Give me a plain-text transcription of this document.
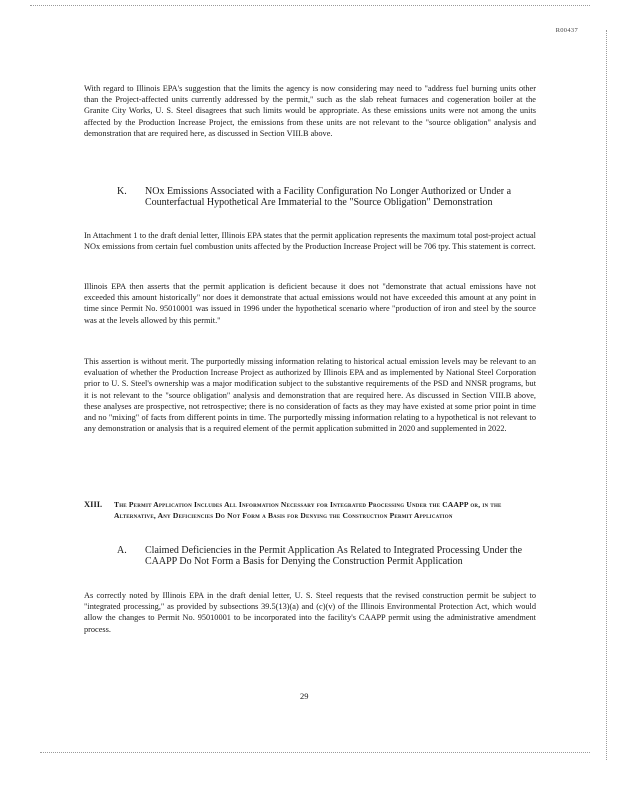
R00437

With regard to Illinois EPA's suggestion that the limits the agency is now considering may need to "address fuel burning units other than the Project-affected units currently addressed by the permit," such as the slab reheat furnaces and cogeneration boiler at the Granite City Works, U. S. Steel disagrees that such limits would be appropriate. As these emissions units were not among the units affected by the Production Increase Project, the emissions from these units are not relevant to the "source obligation" analysis and demonstration that are required here, as discussed in Section VIII.B above.

K.	NOx Emissions Associated with a Facility Configuration No Longer Authorized or Under a Counterfactual Hypothetical Are Immaterial to the "Source Obligation" Demonstration

In Attachment 1 to the draft denial letter, Illinois EPA states that the permit application represents the maximum total post-project actual NOx emissions from certain fuel combustion units affected by the Production Increase Project will be 706 tpy. This statement is correct.

Illinois EPA then asserts that the permit application is deficient because it does not "demonstrate that actual emissions have not exceeded this amount historically" nor does it demonstrate that actual emissions would not have exceeded this amount at any point in time since Permit No. 95010001 was issued in 1996 under the hypothetical scenario where "production of iron and steel by the source was at the levels allowed by this permit."

This assertion is without merit. The purportedly missing information relating to historical actual emission levels may be relevant to an evaluation of whether the Production Increase Project as authorized by Illinois EPA and as implemented by National Steel Corporation prior to U. S. Steel's ownership was a major modification subject to the substantive requirements of the PSD and NNSR programs, but it is not relevant to the "source obligation" analysis and demonstration that are required here. As discussed in Section VIII.B above, these analyses are prospective, not retrospective; there is no consideration of facts as they may have existed at some prior point in time and no "mixing" of facts from different points in time. The purportedly missing information relating to a hypothetical is not relevant to any demonstration or analysis that is a required element of the permit application submitted in 2020 and supplemented in 2022.

XIII.	The Permit Application Includes All Information Necessary for Integrated Processing Under the CAAPP or, in the Alternative, Any Deficiencies Do Not Form a Basis for Denying the Construction Permit Application
A.	Claimed Deficiencies in the Permit Application As Related to Integrated Processing Under the CAAPP Do Not Form a Basis for Denying the Construction Permit Application

As correctly noted by Illinois EPA in the draft denial letter, U. S. Steel requests that the revised construction permit be subject to "integrated processing," as provided by subsections 39.5(13)(a) and (c)(v) of the Illinois Environmental Protection Act, which would allow the changes to Permit No. 95010001 to be incorporated into the facility's CAAPP permit using the administrative amendment process.

29
